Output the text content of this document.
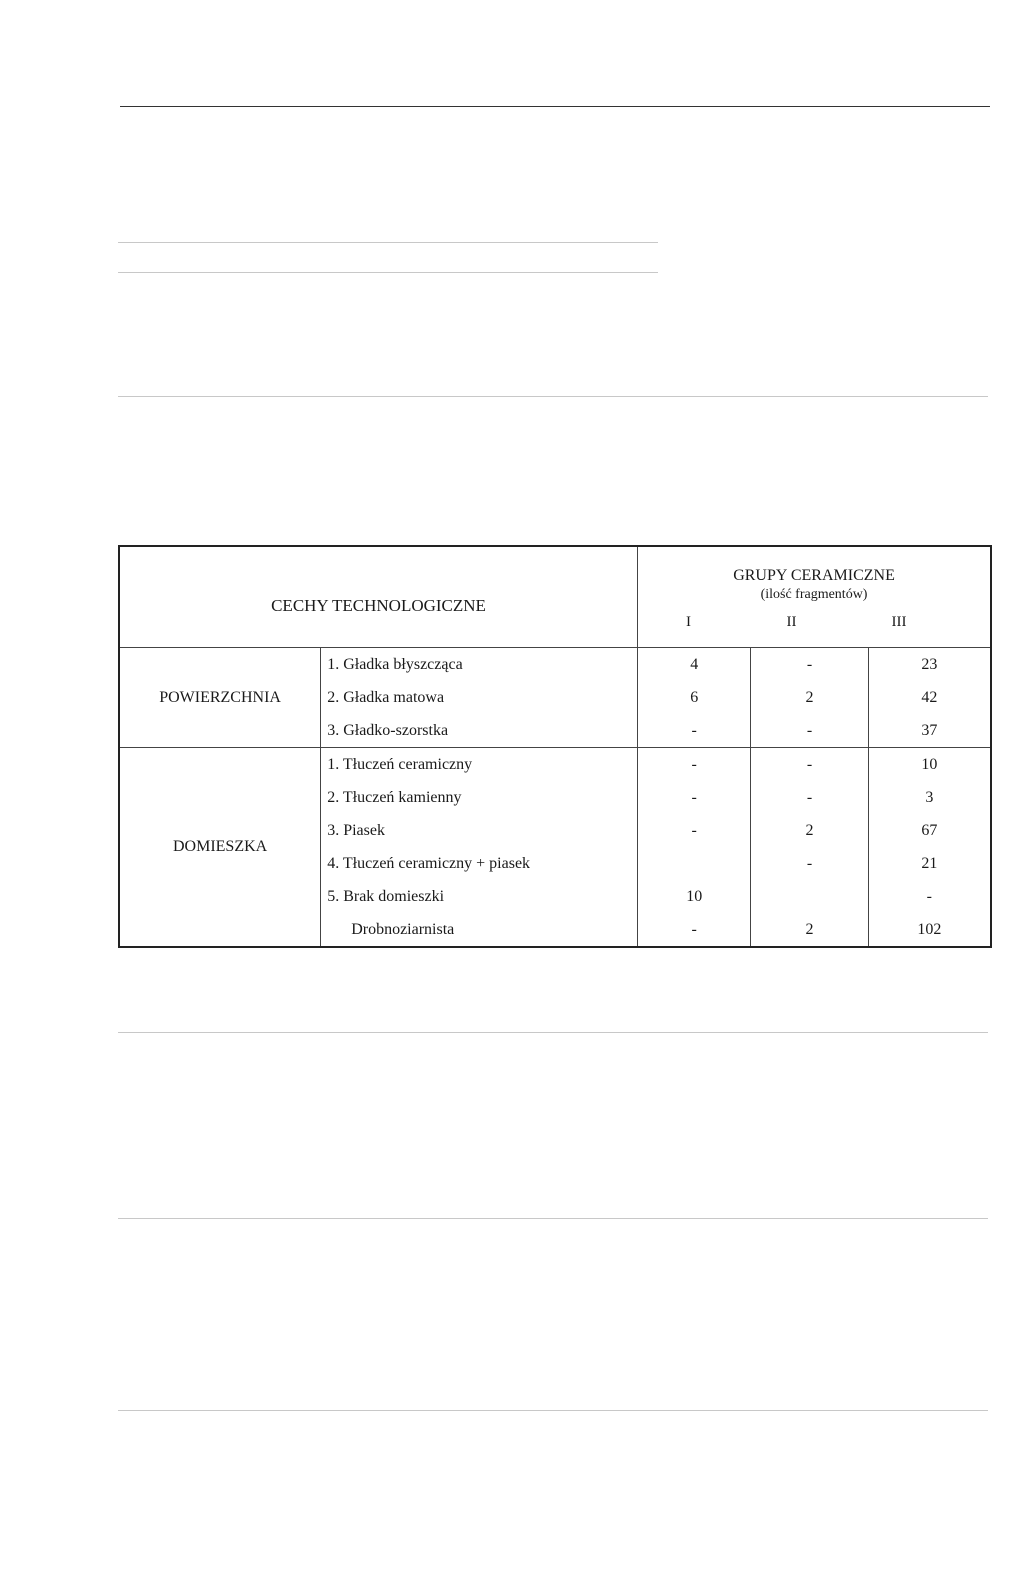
CECHY TECHNOLOGICZNE		GRUPY CERAMICZNE
(ilość fragmentów)
I II III		

POWIERZCHNIA	1. Gładka błyszcząca	4	-	23
	2. Gładka matowa	6	2	42
	3. Gładko-szorstka	-	-	37
DOMIESZKA	1. Tłuczeń ceramiczny	-	-	10
	2. Tłuczeń kamienny	-	-	3
	3. Piasek	-	2	67
	4. Tłuczeń ceramiczny + piasek		-	21
	5. Brak domieszki	10		-
	Drobnoziarnista	-	2	102
